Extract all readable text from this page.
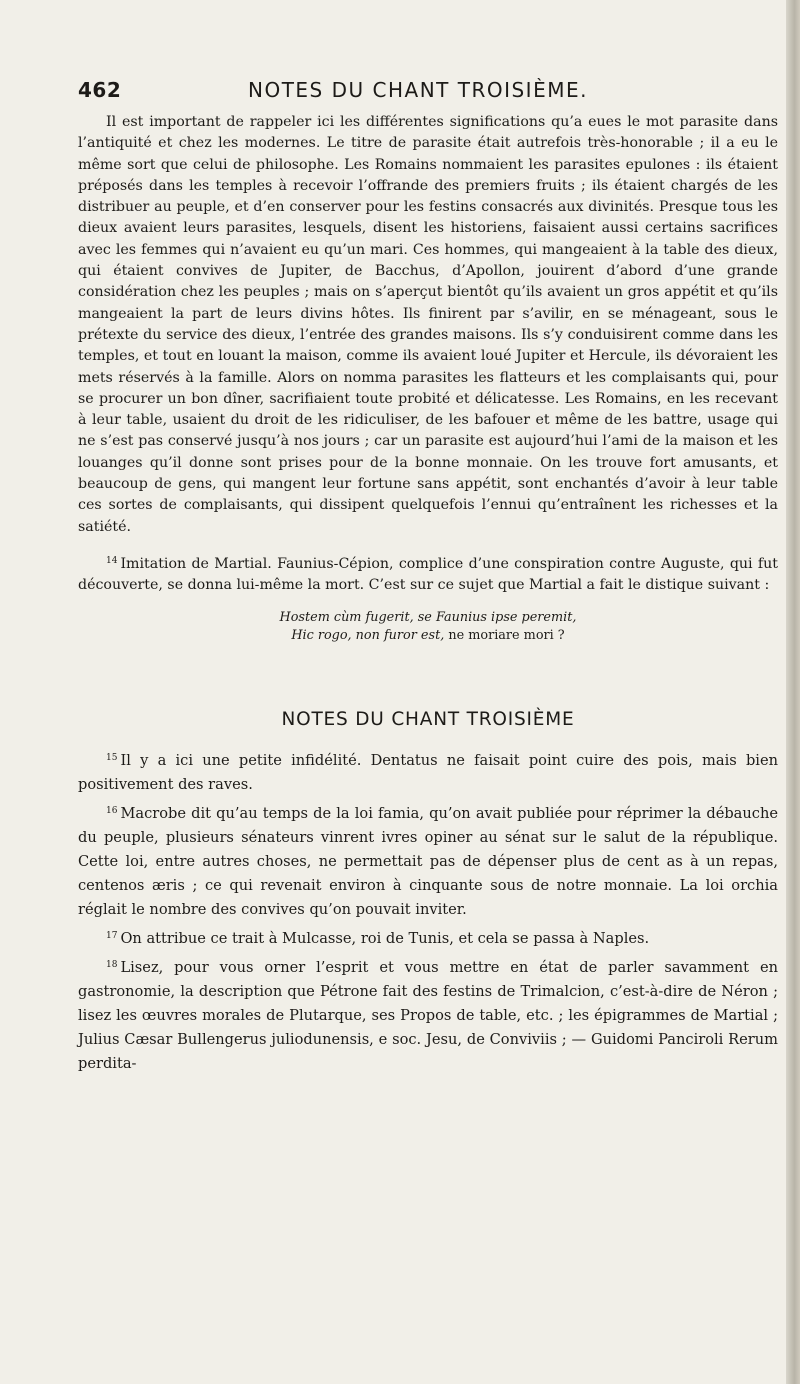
462	NOTES DU CHANT TROISIÈME.

Il est important de rappeler ici les différentes significations qu’a eues le mot parasite dans l’antiquité et chez les modernes. Le titre de parasite était autrefois très-honorable ; il a eu le même sort que celui de philosophe. Les Romains nommaient les parasites epulones : ils étaient préposés dans les temples à recevoir l’offrande des premiers fruits ; ils étaient chargés de les distribuer au peuple, et d’en conserver pour les festins consacrés aux divinités. Presque tous les dieux avaient leurs parasites, lesquels, disent les historiens, faisaient aussi certains sacrifices avec les femmes qui n’avaient eu qu’un mari. Ces hommes, qui mangeaient à la table des dieux, qui étaient convives de Jupiter, de Bacchus, d’Apollon, jouirent d’abord d’une grande considération chez les peuples ; mais on s’aperçut bientôt qu’ils avaient un gros appétit et qu’ils mangeaient la part de leurs divins hôtes. Ils finirent par s’avilir, en se ménageant, sous le prétexte du service des dieux, l’entrée des grandes maisons. Ils s’y conduisirent comme dans les temples, et tout en louant la maison, comme ils avaient loué Jupiter et Hercule, ils dévoraient les mets réservés à la famille. Alors on nomma parasites les flatteurs et les complaisants qui, pour se procurer un bon dîner, sacrifiaient toute probité et délicatesse. Les Romains, en les recevant à leur table, usaient du droit de les ridiculiser, de les bafouer et même de les battre, usage qui ne s’est pas conservé jusqu’à nos jours ; car un parasite est aujourd’hui l’ami de la maison et les louanges qu’il donne sont prises pour de la bonne monnaie. On les trouve fort amusants, et beaucoup de gens, qui mangent leur fortune sans appétit, sont enchantés d’avoir à leur table ces sortes de complaisants, qui dissipent quelquefois l’ennui qu’entraînent les richesses et la satiété.

$^{14}$ Imitation de Martial. Faunius-Cépion, complice d’une conspiration contre Auguste, qui fut découverte, se donna lui-même la mort. C’est sur ce sujet que Martial a fait le distique suivant :

Hostem cùm fugerit, se Faunius ipse peremit,
Hic rogo, non furor est, ne moriare mori ?
NOTES DU CHANT TROISIÈME

$^{15}$ Il y a ici une petite infidélité. Dentatus ne faisait point cuire des pois, mais bien positivement des raves.

$^{16}$ Macrobe dit qu’au temps de la loi famia, qu’on avait publiée pour réprimer la débauche du peuple, plusieurs sénateurs vinrent ivres opiner au sénat sur le salut de la république. Cette loi, entre autres choses, ne permettait pas de dépenser plus de cent as à un repas, centenos æris ; ce qui revenait environ à cinquante sous de notre monnaie. La loi orchia réglait le nombre des convives qu’on pouvait inviter.

$^{17}$ On attribue ce trait à Mulcasse, roi de Tunis, et cela se passa à Naples.

$^{18}$ Lisez, pour vous orner l’esprit et vous mettre en état de parler savamment en gastronomie, la description que Pétrone fait des festins de Trimalcion, c’est-à-dire de Néron ; lisez les œuvres morales de Plutarque, ses Propos de table, etc. ; les épigrammes de Martial ; Julius Cæsar Bullengerus juliodunensis, e soc. Jesu, de Conviviis ; — Guidomi Panciroli Rerum perdita-
